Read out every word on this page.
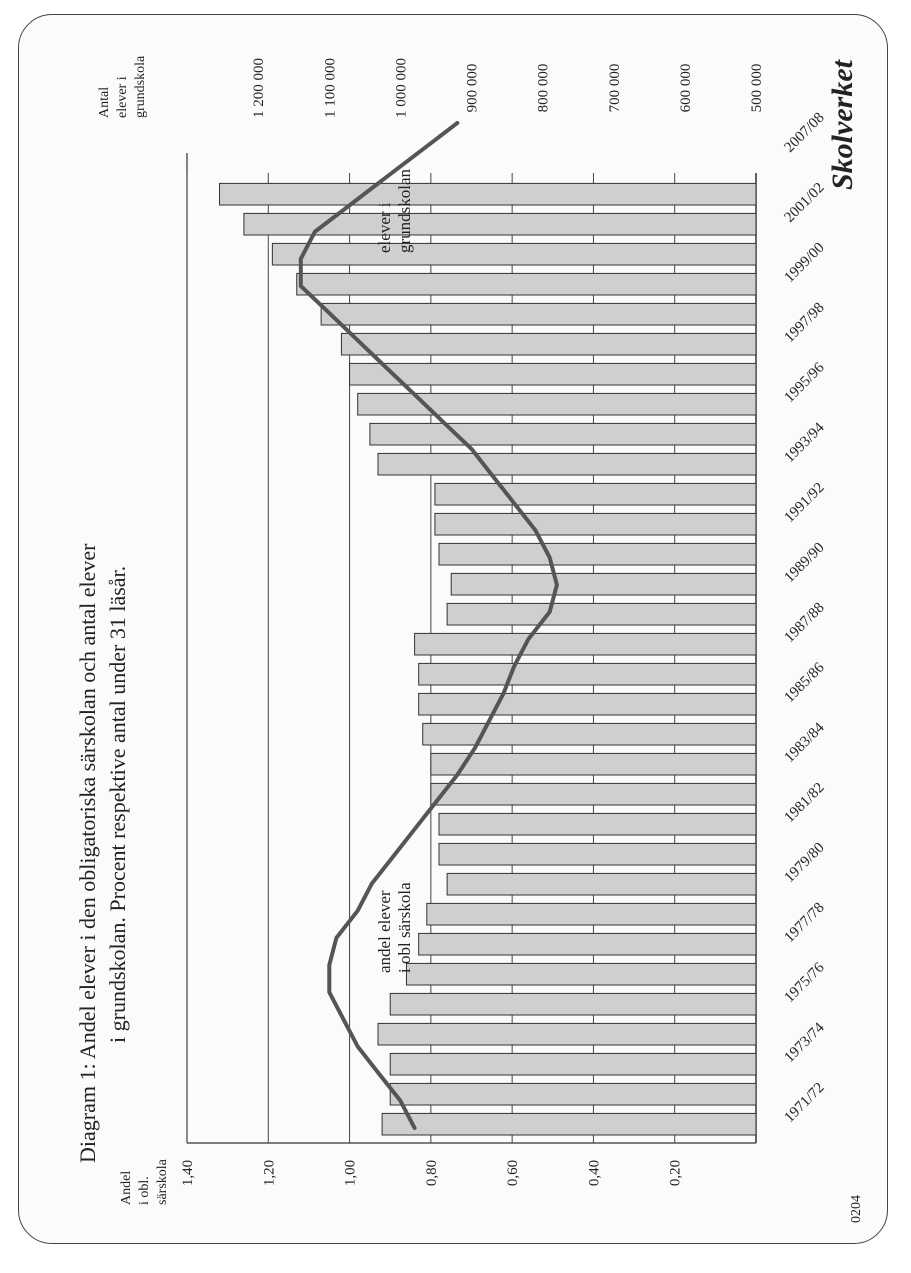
Diagram 1: Andel elever i den obligatoriska särskolan och antal elever i grundskolan. Procent respektive antal under 31 läsår.
Andel i obl. särskola
Antal elever i grundskola
0,20
0,40
0,60
0,80
1,00
1,20
1,40
500 000
600 000
700 000
800 000
900 000
1 000 000
1 100 000
1 200 000
1971/72
1973/74
1975/76
1977/78
1979/80
1981/82
1983/84
1985/86
1987/88
1989/90
1991/92
1993/94
1995/96
1997/98
1999/00
2001/02
2007/08
andel elever i obl särskola
elever i grundskolan
0204
Skolverket
